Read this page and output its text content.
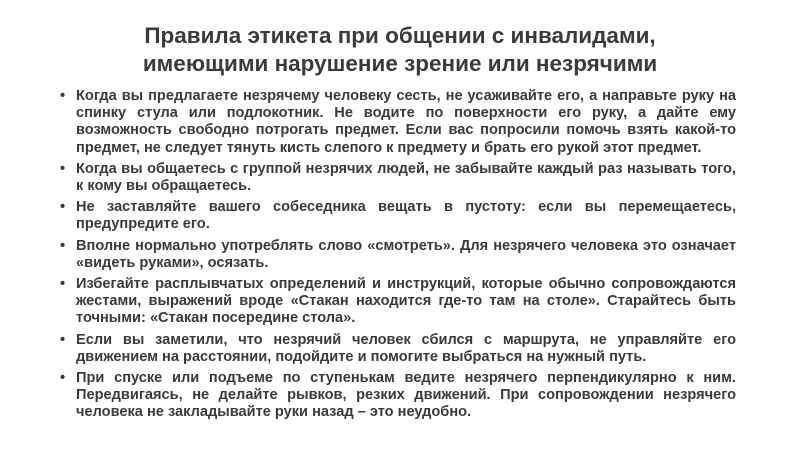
Правила этикета при общении с инвалидами,
имеющими нарушение зрение или незрячими
• Когда вы предлагаете незрячему человеку сесть, не усаживайте его, а направьте руку на спинку стула или подлокотник. Не водите по поверхности его руку, а дайте ему возможность свободно потрогать предмет. Если вас попросили помочь взять какой-то предмет, не следует тянуть кисть слепого к предмету и брать его рукой этот предмет.
• Когда вы общаетесь с группой незрячих людей, не забывайте каждый раз называть того, к кому вы обращаетесь.
• Не заставляйте вашего собеседника вещать в пустоту: если вы перемещаетесь, предупредите его.
• Вполне нормально употреблять слово «смотреть». Для незрячего человека это означает «видеть руками», осязать.
• Избегайте расплывчатых определений и инструкций, которые обычно сопровождаются жестами, выражений вроде «Стакан находится где-то там на столе». Старайтесь быть точными: «Стакан посередине стола».
• Если вы заметили, что незрячий человек сбился с маршрута, не управляйте его движением на расстоянии, подойдите и помогите выбраться на нужный путь.
• При спуске или подъеме по ступенькам ведите незрячего перпендикулярно к ним. Передвигаясь, не делайте рывков, резких движений. При сопровождении незрячего человека не закладывайте руки назад – это неудобно.
